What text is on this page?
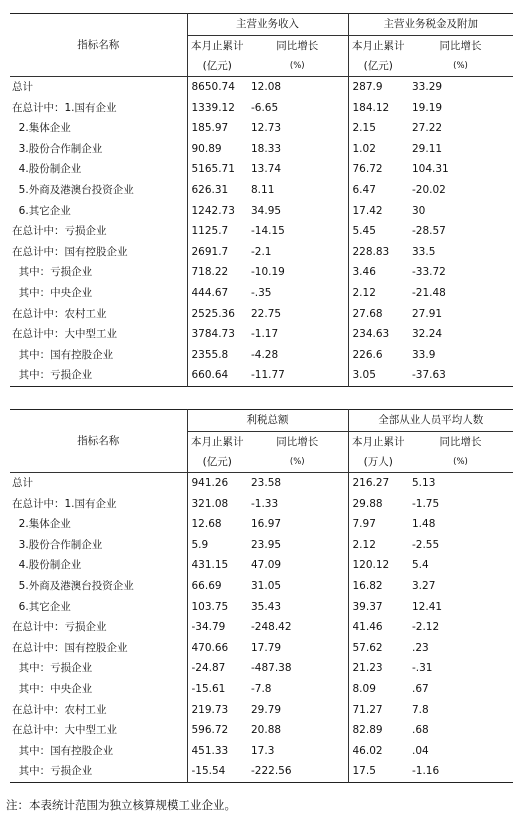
指标名称	主营业务收入		主营业务税金及附加	
	本月止累计	同比增长	本月止累计	同比增长
	(亿元)	(%)	(亿元)	(%)
总计	8650.74	12.08	287.9	33.29
在总计中：1.国有企业	1339.12	-6.65	184.12	19.19
2.集体企业	185.97	12.73	2.15	27.22
3.股份合作制企业	90.89	18.33	1.02	29.11
4.股份制企业	5165.71	13.74	76.72	104.31
5.外商及港澳台投资企业	626.31	8.11	6.47	-20.02
6.其它企业	1242.73	34.95	17.42	30
在总计中：亏损企业	1125.7	-14.15	5.45	-28.57
在总计中：国有控股企业	2691.7	-2.1	228.83	33.5
其中：亏损企业	718.22	-10.19	3.46	-33.72
其中：中央企业	444.67	-.35	2.12	-21.48
在总计中：农村工业	2525.36	22.75	27.68	27.91
在总计中：大中型工业	3784.73	-1.17	234.63	32.24
其中：国有控股企业	2355.8	-4.28	226.6	33.9
其中：亏损企业	660.64	-11.77	3.05	-37.63
指标名称	利税总额		全部从业人员平均人数	
	本月止累计	同比增长	本月止累计	同比增长
	(亿元)	(%)	(万人)	(%)
总计	941.26	23.58	216.27	5.13
在总计中：1.国有企业	321.08	-1.33	29.88	-1.75
2.集体企业	12.68	16.97	7.97	1.48
3.股份合作制企业	5.9	23.95	2.12	-2.55
4.股份制企业	431.15	47.09	120.12	5.4
5.外商及港澳台投资企业	66.69	31.05	16.82	3.27
6.其它企业	103.75	35.43	39.37	12.41
在总计中：亏损企业	-34.79	-248.42	41.46	-2.12
在总计中：国有控股企业	470.66	17.79	57.62	.23
其中：亏损企业	-24.87	-487.38	21.23	-.31
其中：中央企业	-15.61	-7.8	8.09	.67
在总计中：农村工业	219.73	29.79	71.27	7.8
在总计中：大中型工业	596.72	20.88	82.89	.68
其中：国有控股企业	451.33	17.3	46.02	.04
其中：亏损企业	-15.54	-222.56	17.5	-1.16
注：本表统计范围为独立核算规模工业企业。
